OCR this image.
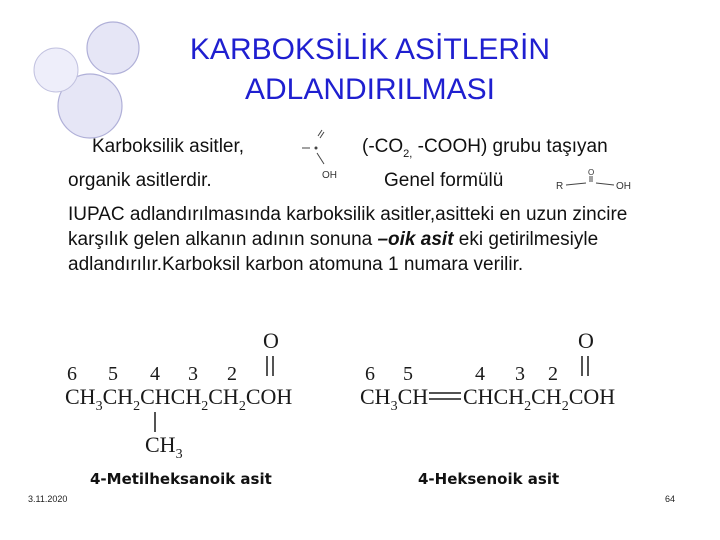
KARBOKSİLİK ASİTLERİN
ADLANDIRILMASI
Karboksilik asitler,
OH
($-CO_{2,}$ -COOH) grubu taşıyan
organik asitlerdir.	Genel formülü	R
O
OH
IUPAC adlandırılmasında karboksilik asitler,asitteki en uzun zincire karşılık gelen alkanın adının sonuna –oik asit eki getirilmesiyle adlandırılır.Karboksil karbon atomuna 1 numara verilir.
6 5 4 3 2
O
$CH_3CH_2CHCH_2CH_2COH$
$CH_3$
6 5	4 3 2
O
$CH_3CH$ $CHCH_2CH_2COH$
4-Metilheksanoik asit	4-Heksenoik asit
3.11.2020	64
